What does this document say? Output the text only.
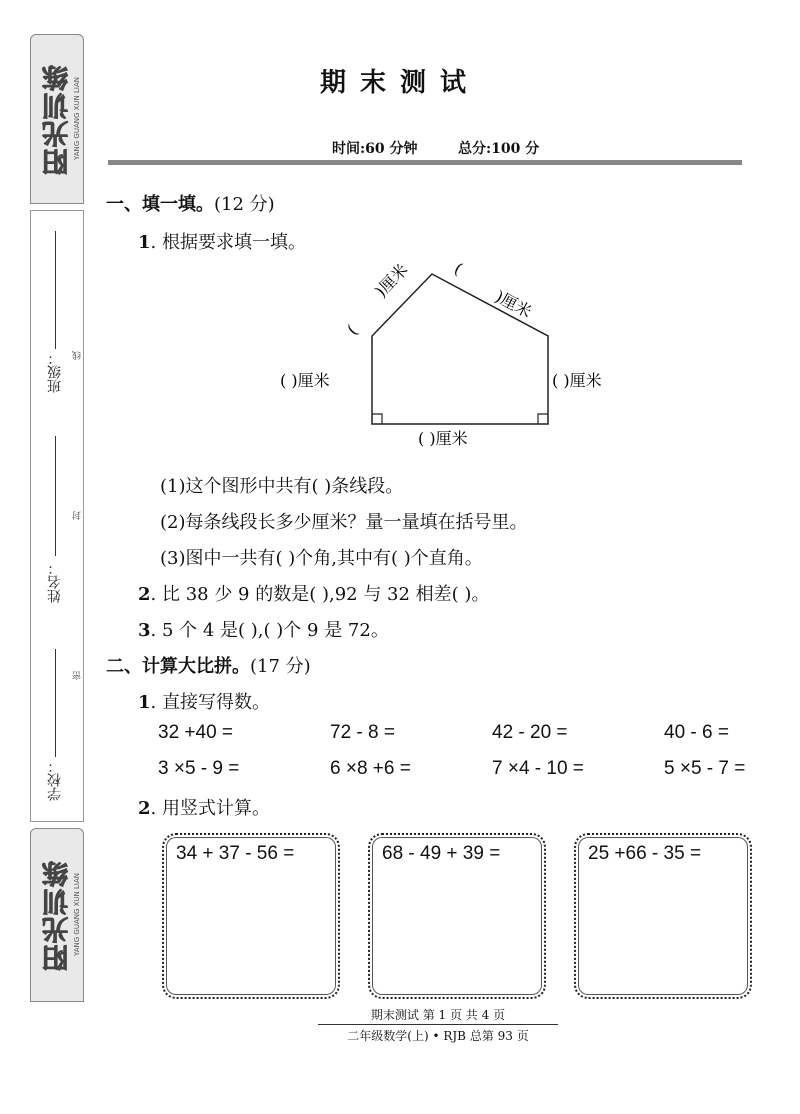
阳光训练 YANG GUANG XUN LIAN
班级： 线
姓名：
封
学校：
密
阳光训练 YANG GUANG XUN LIAN
期末测试
时间:60 分钟	总分:100 分
一、填一填。(12 分)
1. 根据要求填一填。
)厘米
(
(
)厘米
( )厘米	( )厘米
( )厘米
(1)这个图形中共有( )条线段。
(2)每条线段长多少厘米？量一量填在括号里。
(3)图中一共有( )个角,其中有( )个直角。
2. 比 38 少 9 的数是( ),92 与 32 相差( )。
3. 5 个 4 是( ),( )个 9 是 72。
二、计算大比拼。(17 分)
1. 直接写得数。
32 +40 =	72 - 8 =	42 - 20 =	40 - 6 =
3 ×5 - 9 =	6 ×8 +6 =	7 ×4 - 10 =	5 ×5 - 7 =
2. 用竖式计算。
34 + 37 - 56 =	68 - 49 + 39 =	25 +66 - 35 =
期末测试 第 1 页 共 4 页
二年级数学(上) • RJB 总第 93 页
